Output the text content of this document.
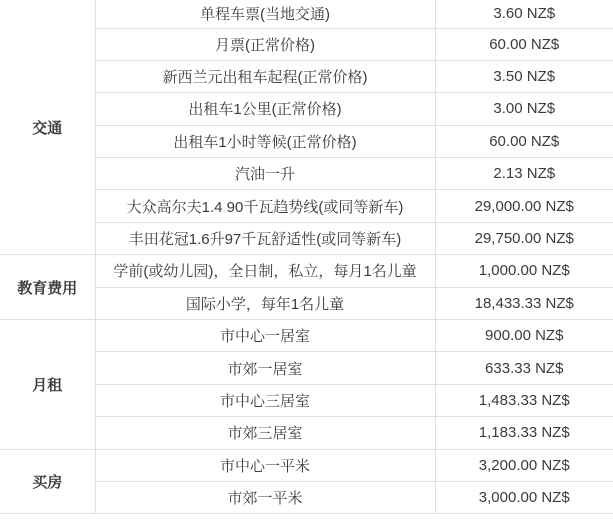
交通	单程车票(当地交通)	3.60 NZ$
	月票(正常价格)	60.00 NZ$
	新西兰元出租车起程(正常价格)	3.50 NZ$
	出租车1公里(正常价格)	3.00 NZ$
	出租车1小时等候(正常价格)	60.00 NZ$
	汽油一升	2.13 NZ$
	大众高尔夫1.4 90千瓦趋势线(或同等新车)	29,000.00 NZ$
	丰田花冠1.6升97千瓦舒适性(或同等新车)	29,750.00 NZ$
教育费用	学前(或幼儿园)，全日制，私立，每月1名儿童	1,000.00 NZ$
	国际小学，每年1名儿童	18,433.33 NZ$
月租	市中心一居室	900.00 NZ$
	市郊一居室	633.33 NZ$
	市中心三居室	1,483.33 NZ$
	市郊三居室	1,183.33 NZ$
买房	市中心一平米	3,200.00 NZ$
	市郊一平米	3,000.00 NZ$
